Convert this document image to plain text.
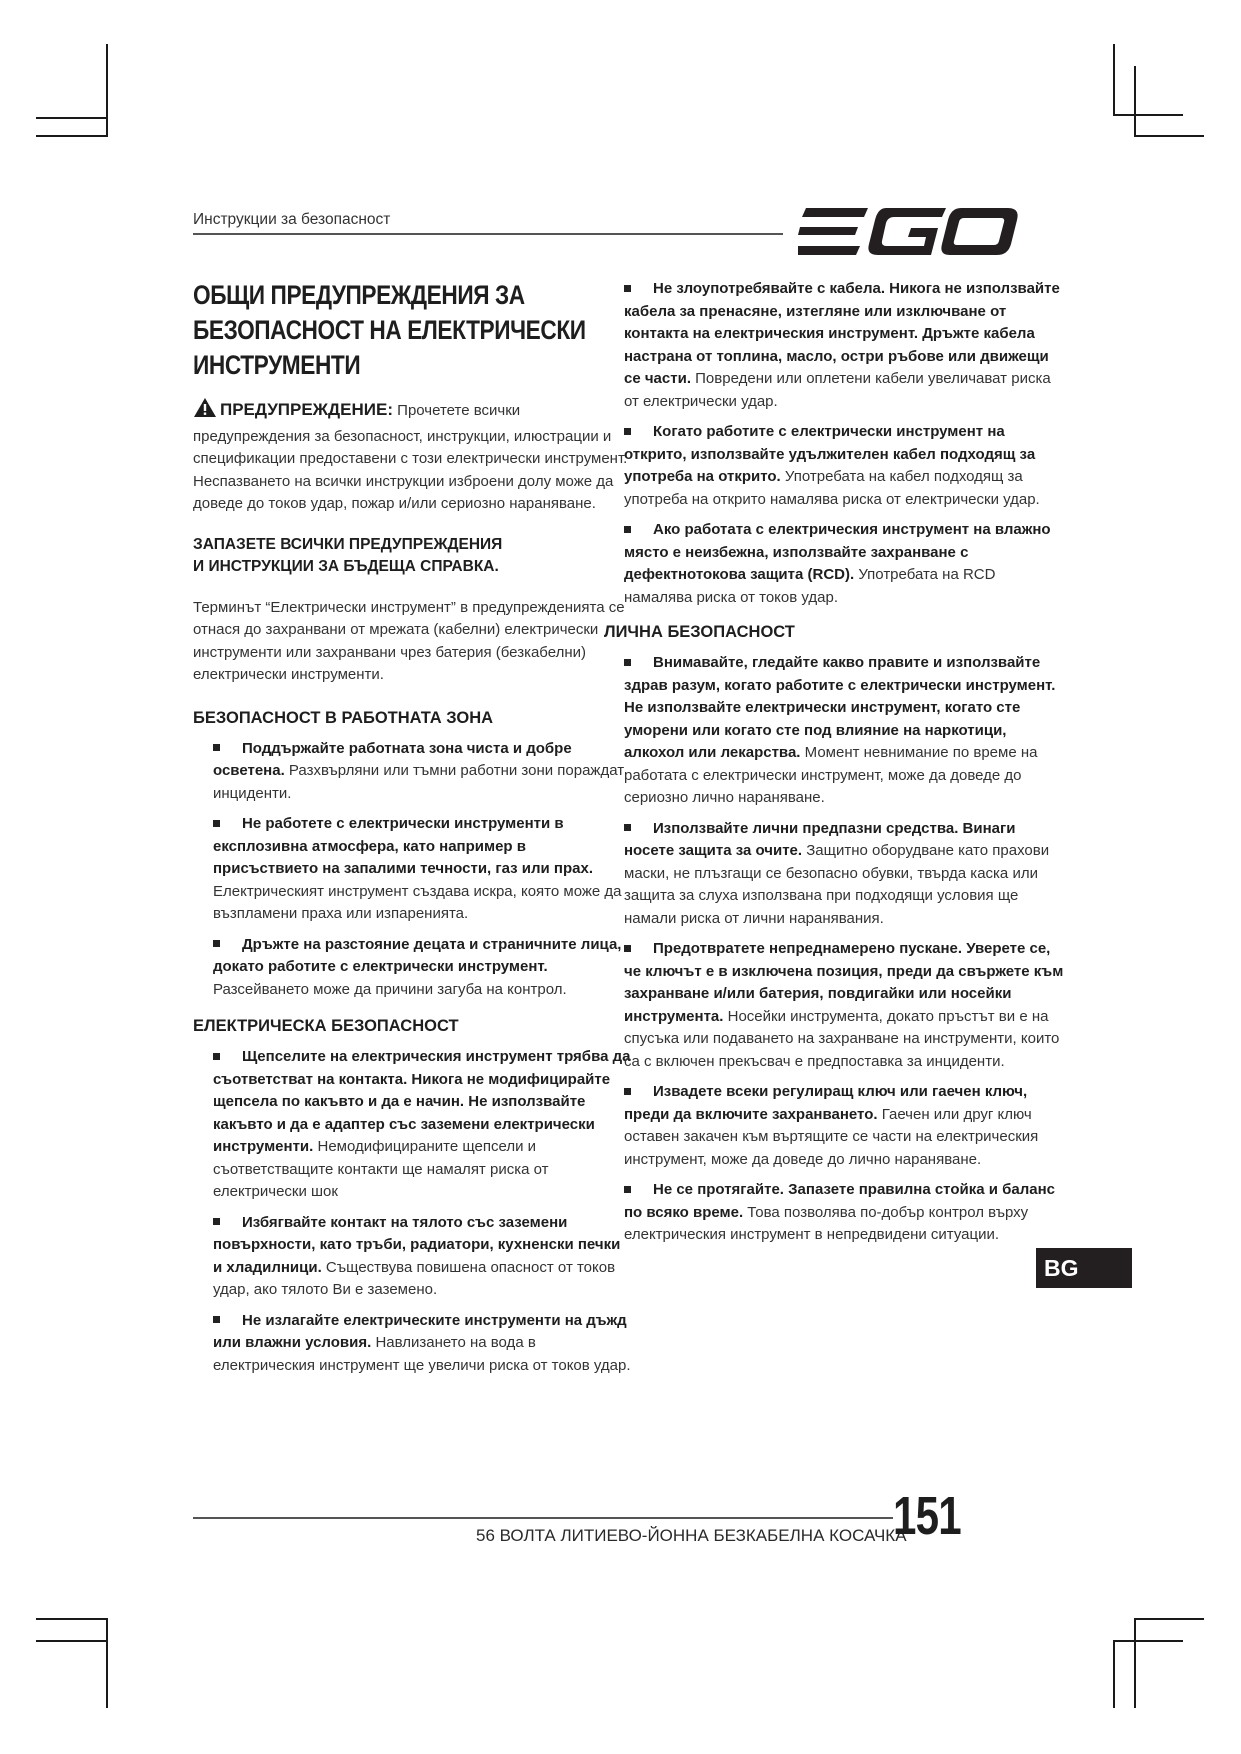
Инструкции за безопасност
ОБЩИ ПРЕДУПРЕЖДЕНИЯ ЗА
БЕЗОПАСНОСТ НА ЕЛЕКТРИЧЕСКИ
ИНСТРУМЕНТИ

ПРЕДУПРЕЖДЕНИЕ: Прочетете всички предупреждения за безопасност, инструкции, илюстрации и спецификации предоставени с този електрически инструмент. Неспазването на всички инструкции изброени долу може да доведе до токов удар, пожар и/или сериозно нараняване.

ЗАПАЗЕТЕ ВСИЧКИ ПРЕДУПРЕЖДЕНИЯ И ИНСТРУКЦИИ ЗА БЪДЕЩА СПРАВКА.

Терминът “Електрически инструмент” в предупрежденията се отнася до захранвани от мрежата (кабелни) електрически инструменти или захранвани чрез батерия (безкабелни) електрически инструменти.

БЕЗОПАСНОСТ В РАБОТНАТА ЗОНА

Поддържайте работната зона чиста и добре осветена. Разхвърляни или тъмни работни зони пораждат инциденти.

Не работете с електрически инструменти в експлозивна атмосфера, като например в присъствието на запалими течности, газ или прах. Електрическият инструмент създава искра, която може да възпламени праха или изпаренията.

Дръжте на разстояние децата и страничните лица, докато работите с електрически инструмент. Разсейването може да причини загуба на контрол.

ЕЛЕКТРИЧЕСКА БЕЗОПАСНОСТ

Щепселите на електрическия инструмент трябва да съответстват на контакта. Никога не модифицирайте щепсела по какъвто и да е начин. Не използвайте какъвто и да е адаптер със заземени електрически инструменти. Немодифицираните щепсели и съответстващите контакти ще намалят риска от електрически шок

Избягвайте контакт на тялото със заземени повърхности, като тръби, радиатори, кухненски печки и хладилници. Съществува повишена опасност от токов удар, ако тялото Ви е заземено.

Не излагайте електрическите инструменти на дъжд или влажни условия. Навлизането на вода в електрическия инструмент ще увеличи риска от токов удар.

Не злоупотребявайте с кабела. Никога не използвайте кабела за пренасяне, изтегляне или изключване от контакта на електрическия инструмент. Дръжте кабела настрана от топлина, масло, остри ръбове или движещи се части. Повредени или оплетени кабели увеличават риска от електрически удар.

Когато работите с електрически инструмент на открито, използвайте удължителен кабел подходящ за употреба на открито. Употребата на кабел подходящ за употреба на открито намалява риска от електрически удар.

Ако работата с електрическия инструмент на влажно място е неизбежна, използвайте захранване с дефектнотокова защита (RCD). Употребата на RCD намалява риска от токов удар.

ЛИЧНА БЕЗОПАСНОСТ

Внимавайте, гледайте какво правите и използвайте здрав разум, когато работите с електрически инструмент. Не използвайте електрически инструмент, когато сте уморени или когато сте под влияние на наркотици, алкохол или лекарства. Момент невнимание по време на работата с електрически инструмент, може да доведе до сериозно лично нараняване.

Използвайте лични предпазни средства. Винаги носете защита за очите. Защитно оборудване като прахови маски, не плъзгащи се безопасно обувки, твърда каска или защита за слуха използвана при подходящи условия ще намали риска от лични наранявания.

Предотвратете непреднамерено пускане. Уверете се, че ключът е в изключена позиция, преди да свържете към захранване и/или батерия, повдигайки или носейки инструмента. Носейки инструмента, докато пръстът ви е на спусъка или подаването на захранване на инструменти, които са с включен прекъсвач е предпоставка за инциденти.

Извадете всеки регулиращ ключ или гаечен ключ, преди да включите захранването. Гаечен или друг ключ оставен закачен към въртящите се части на електрическия инструмент, може да доведе до лично нараняване.

Не се протягайте. Запазете правилна стойка и баланс по всяко време. Това позволява по-добър контрол върху електрическия инструмент в непредвидени ситуации.

BG
56 ВОЛТА ЛИТИЕВО-ЙОННА БЕЗКАБЕЛНА КОСАЧКА
151
